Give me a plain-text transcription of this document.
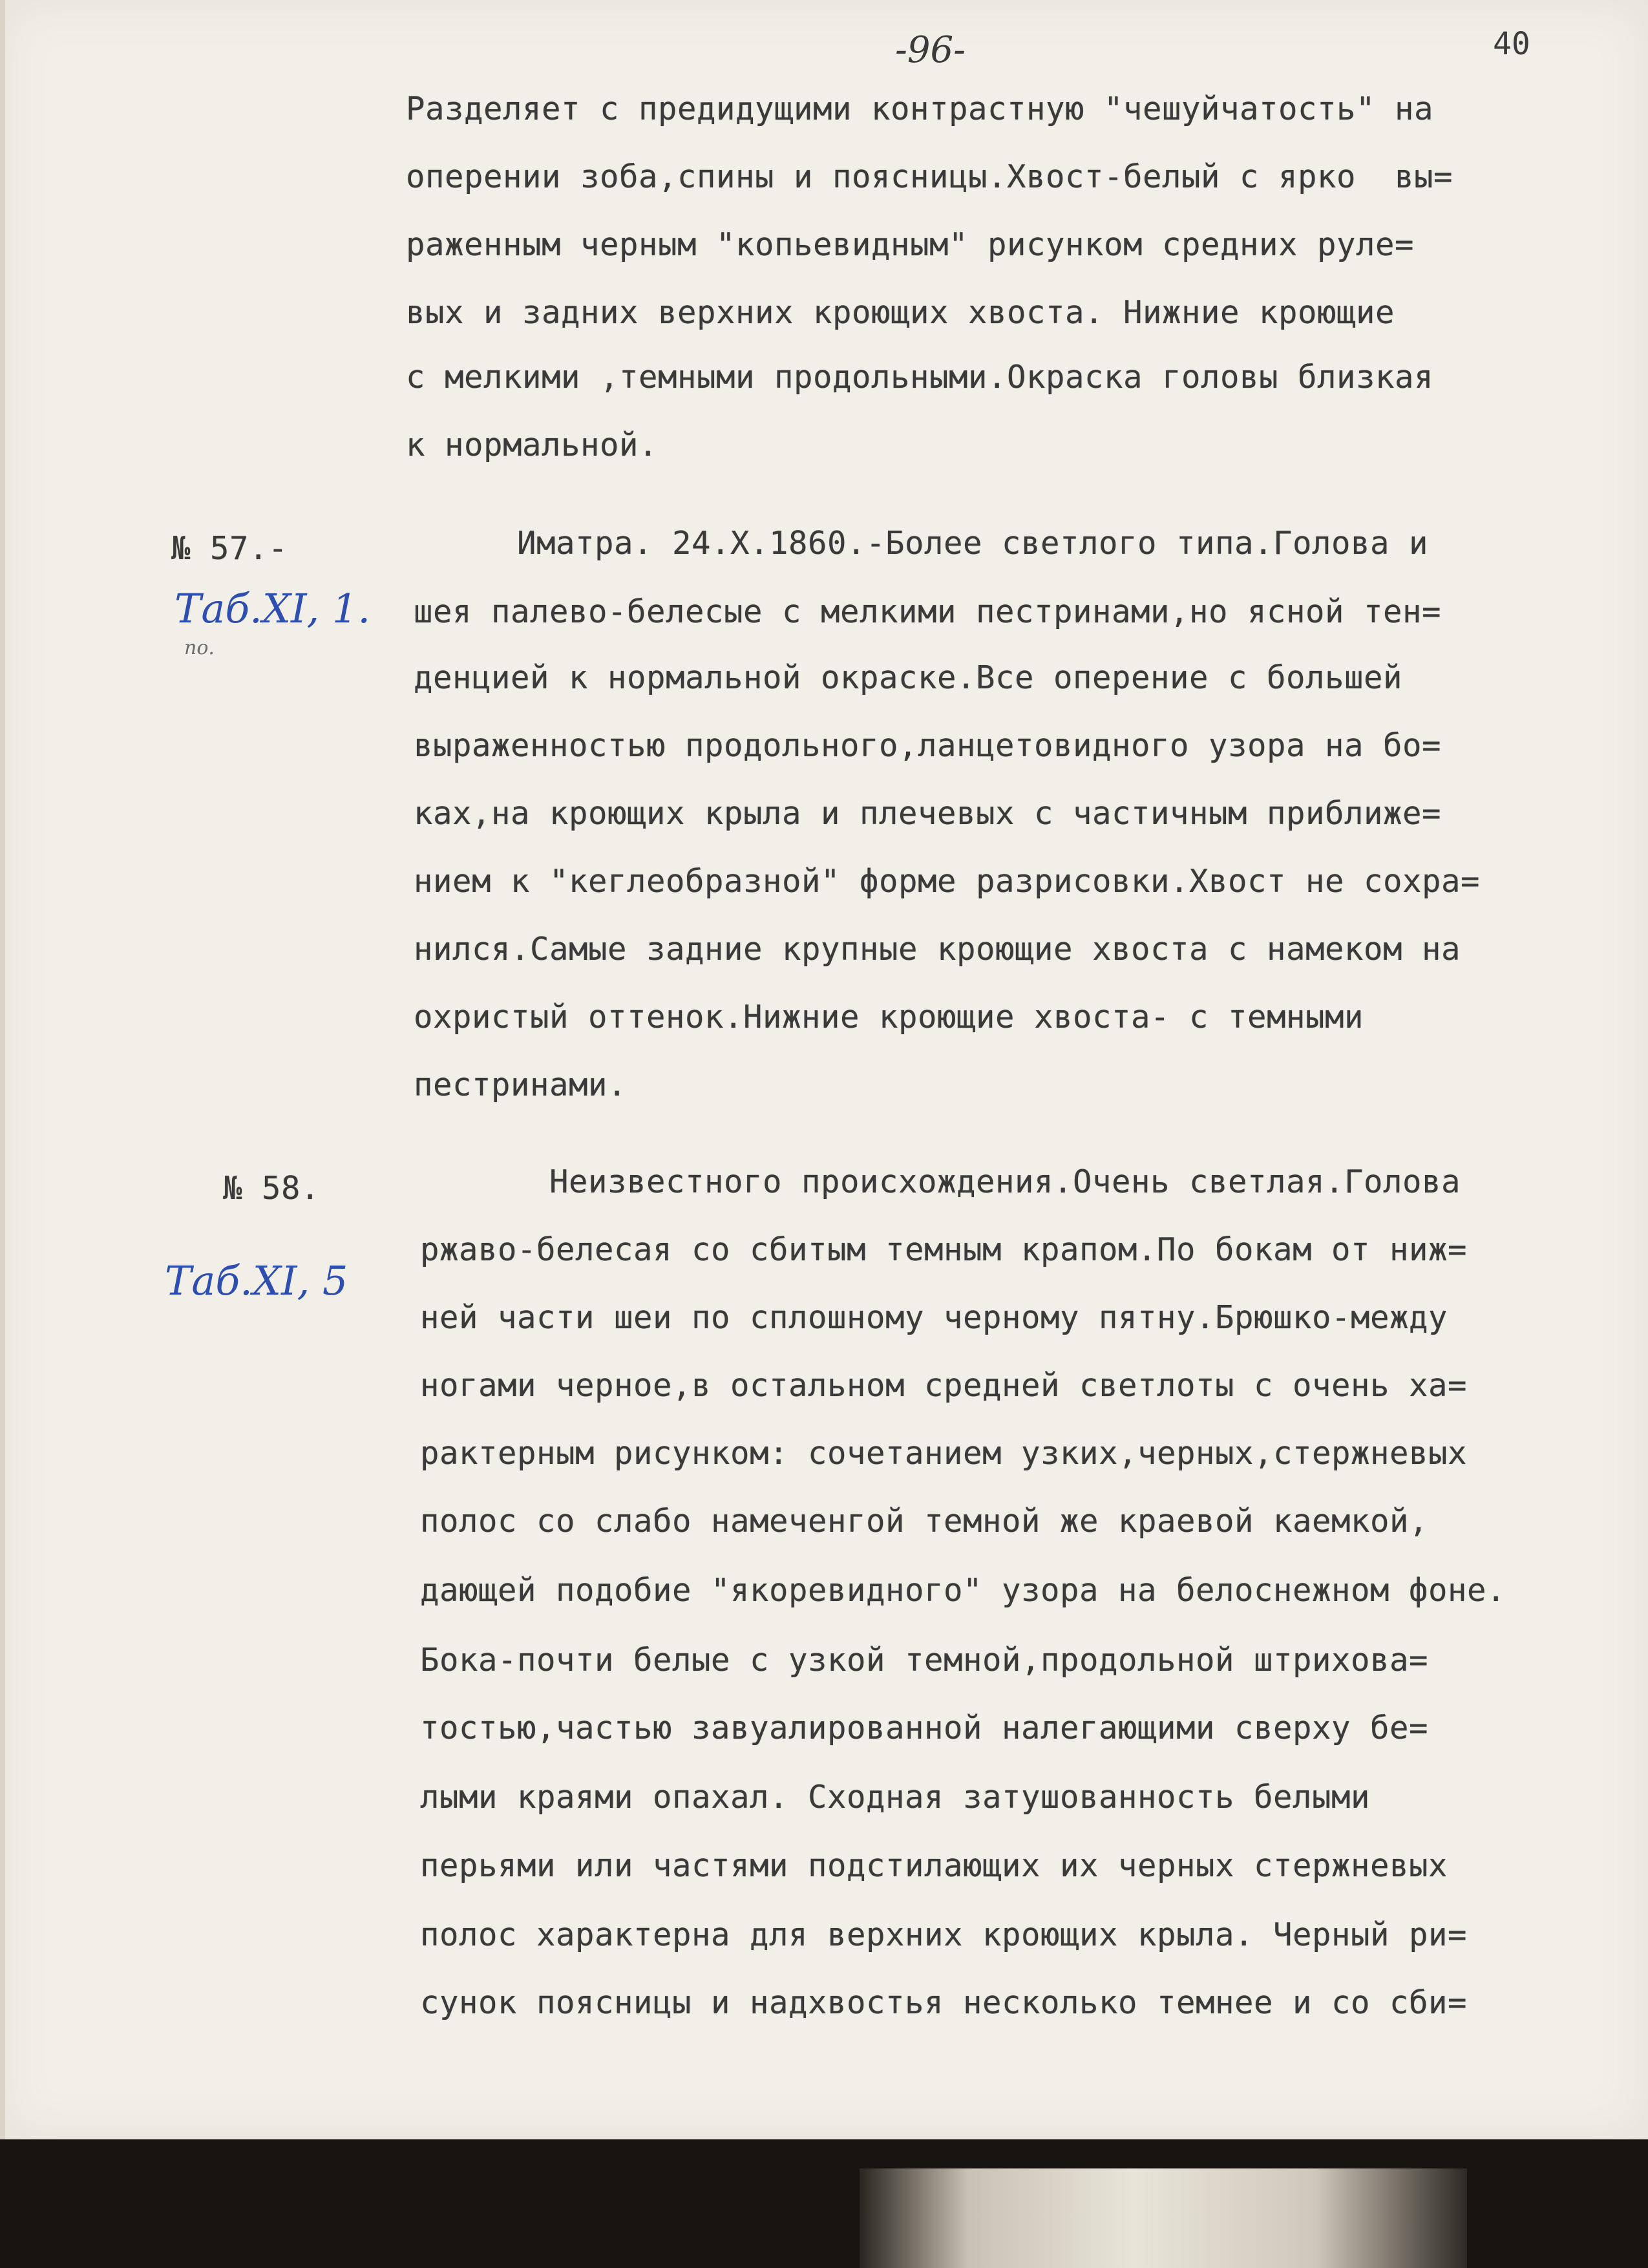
-96-	40
Разделяет с предидущими контрастную "чешуйчатость" на
оперении зоба,спины и поясницы.Хвост-белый с ярко  вы=
раженным черным "копьевидным" рисунком средних руле=
вых и задних верхних кроющих хвоста. Нижние кроющие
с мелкими ,темными продольными.Окраска головы близкая
к нормальной.
№ 57.-
Таб.XI, 1.
по.
Иматра. 24.X.1860.-Более светлого типа.Голова и
шея палево-белесые с мелкими пестринами,но ясной тен=
денцией к нормальной окраске.Все оперение с большей
выраженностью продольного,ланцетовидного узора на бо=
ках,на кроющих крыла и плечевых с частичным приближе=
нием к "кеглеобразной" форме разрисовки.Хвост не сохра=
нился.Самые задние крупные кроющие хвоста с намеком на
охристый оттенок.Нижние кроющие хвоста- с темными
пестринами.
№ 58.
Таб.XI, 5
Неизвестного происхождения.Очень светлая.Голова
ржаво-белесая со сбитым темным крапом.По бокам от ниж=
ней части шеи по сплошному черному пятну.Брюшко-между
ногами черное,в остальном средней светлоты с очень ха=
рактерным рисунком: сочетанием узких,черных,стержневых
полос со слабо намеченгой темной же краевой каемкой,
дающей подобие "якоревидного" узора на белоснежном фоне.
Бока-почти белые с узкой темной,продольной штрихова=
тостью,частью завуалированной налегающими сверху бе=
лыми краями опахал. Сходная затушованность белыми
перьями или частями подстилающих их черных стержневых
полос характерна для верхних кроющих крыла. Черный ри=
сунок поясницы и надхвостья несколько темнее и со сби=
